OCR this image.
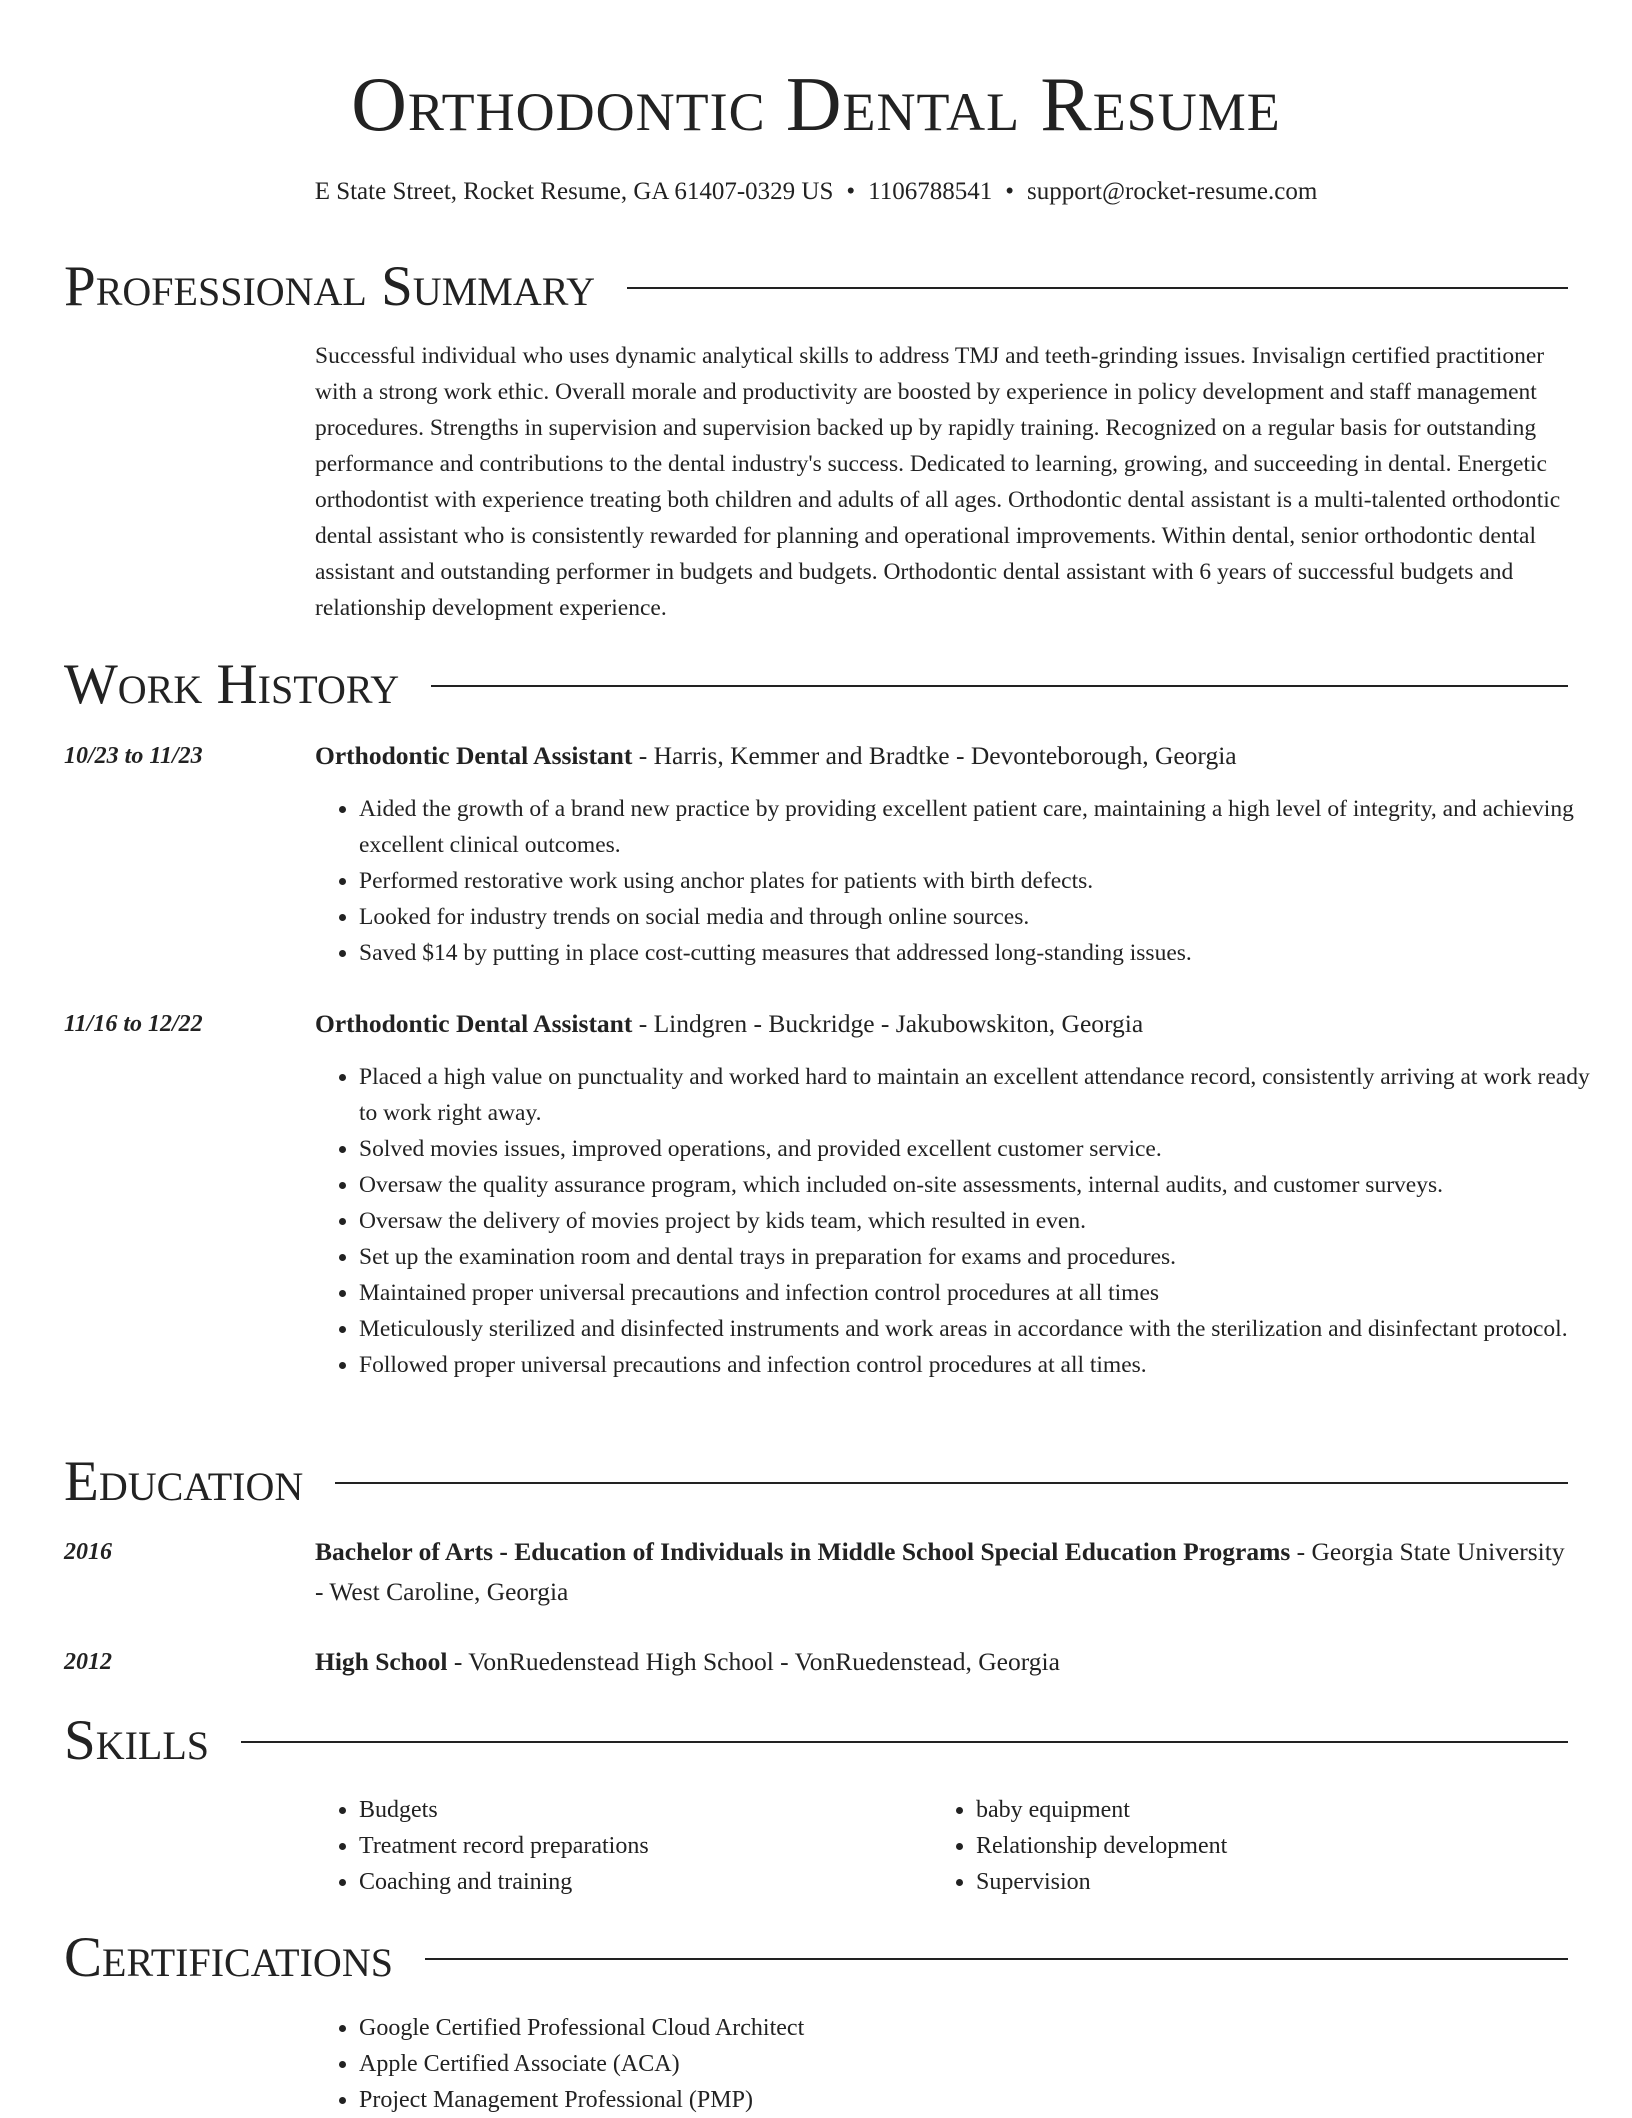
Orthodontic Dental Resume
E State Street, Rocket Resume, GA 61407-0329 US • 1106788541 • support@rocket-resume.com
Professional Summary
Successful individual who uses dynamic analytical skills to address TMJ and teeth-grinding issues. Invisalign certified practitioner with a strong work ethic. Overall morale and productivity are boosted by experience in policy development and staff management procedures. Strengths in supervision and supervision backed up by rapidly training. Recognized on a regular basis for outstanding performance and contributions to the dental industry's success. Dedicated to learning, growing, and succeeding in dental. Energetic orthodontist with experience treating both children and adults of all ages. Orthodontic dental assistant is a multi-talented orthodontic dental assistant who is consistently rewarded for planning and operational improvements. Within dental, senior orthodontic dental assistant and outstanding performer in budgets and budgets. Orthodontic dental assistant with 6 years of successful budgets and relationship development experience.
Work History
10/23 to 11/23	Orthodontic Dental Assistant - Harris, Kemmer and Bradtke - Devonteborough, Georgia
• Aided the growth of a brand new practice by providing excellent patient care, maintaining a high level of integrity, and achieving excellent clinical outcomes.
• Performed restorative work using anchor plates for patients with birth defects.
• Looked for industry trends on social media and through online sources.
• Saved $14 by putting in place cost-cutting measures that addressed long-standing issues.
11/16 to 12/22	Orthodontic Dental Assistant - Lindgren - Buckridge - Jakubowskiton, Georgia
• Placed a high value on punctuality and worked hard to maintain an excellent attendance record, consistently arriving at work ready to work right away.
• Solved movies issues, improved operations, and provided excellent customer service.
• Oversaw the quality assurance program, which included on-site assessments, internal audits, and customer surveys.
• Oversaw the delivery of movies project by kids team, which resulted in even.
• Set up the examination room and dental trays in preparation for exams and procedures.
• Maintained proper universal precautions and infection control procedures at all times
• Meticulously sterilized and disinfected instruments and work areas in accordance with the sterilization and disinfectant protocol.
• Followed proper universal precautions and infection control procedures at all times.
Education
2016	Bachelor of Arts - Education of Individuals in Middle School Special Education Programs - Georgia State University - West Caroline, Georgia
2012	High School - VonRuedenstead High School - VonRuedenstead, Georgia
Skills
• Budgets
• Treatment record preparations
• Coaching and training
• baby equipment
• Relationship development
• Supervision
Certifications
• Google Certified Professional Cloud Architect
• Apple Certified Associate (ACA)
• Project Management Professional (PMP)
